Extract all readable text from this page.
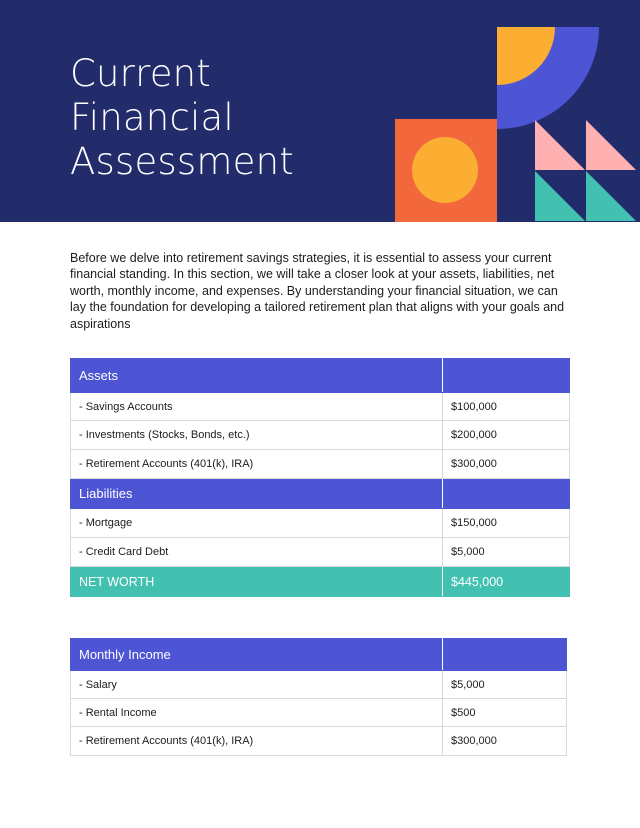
Current
Financial
Assessment

Before we delve into retirement savings strategies, it is essential to assess your current financial standing. In this section, we will take a closer look at your assets, liabilities, net worth, monthly income, and expenses. By understanding your financial situation, we can lay the foundation for developing a tailored retirement plan that aligns with your goals and aspirations

Assets	
- Savings Accounts	$100,000
- Investments (Stocks, Bonds, etc.)	$200,000
- Retirement Accounts (401(k), IRA)	$300,000
Liabilities	
- Mortgage	$150,000
- Credit Card Debt	$5,000
NET WORTH	$445,000
Monthly Income	
- Salary	$5,000
- Rental Income	$500
- Retirement Accounts (401(k), IRA)	$300,000
